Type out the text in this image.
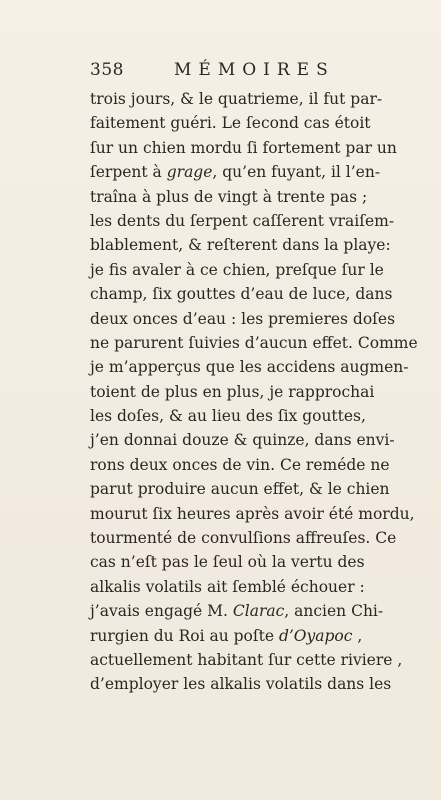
358	MÉMOIRES
trois jours, & le quatrieme, il fut par-
faitement guéri. Le ſecond cas étoit
ſur un chien mordu ſi fortement par un
ſerpent à grage, qu’en fuyant, il l’en-
traîna à plus de vingt à trente pas ;
les dents du ſerpent caſſerent vraiſem-
blablement, & reſterent dans la playe:
je fis avaler à ce chien, preſque ſur le
champ, ſix gouttes d’eau de luce, dans
deux onces d’eau : les premieres doſes
ne parurent ſuivies d’aucun effet. Comme
je m’apperçus que les accidens augmen-
toient de plus en plus, je rapprochai
les doſes, & au lieu des ſix gouttes,
j’en donnai douze & quinze, dans envi-
rons deux onces de vin. Ce reméde ne
parut produire aucun effet, & le chien
mourut ſix heures après avoir été mordu,
tourmenté de convulſions affreuſes. Ce
cas n’eſt pas le ſeul où la vertu des
alkalis volatils ait ſemblé échouer :
j’avais engagé M. Clarac, ancien Chi-
rurgien du Roi au poſte d’Oyapoc ,
actuellement habitant ſur cette riviere ,
d’employer les alkalis volatils dans les
